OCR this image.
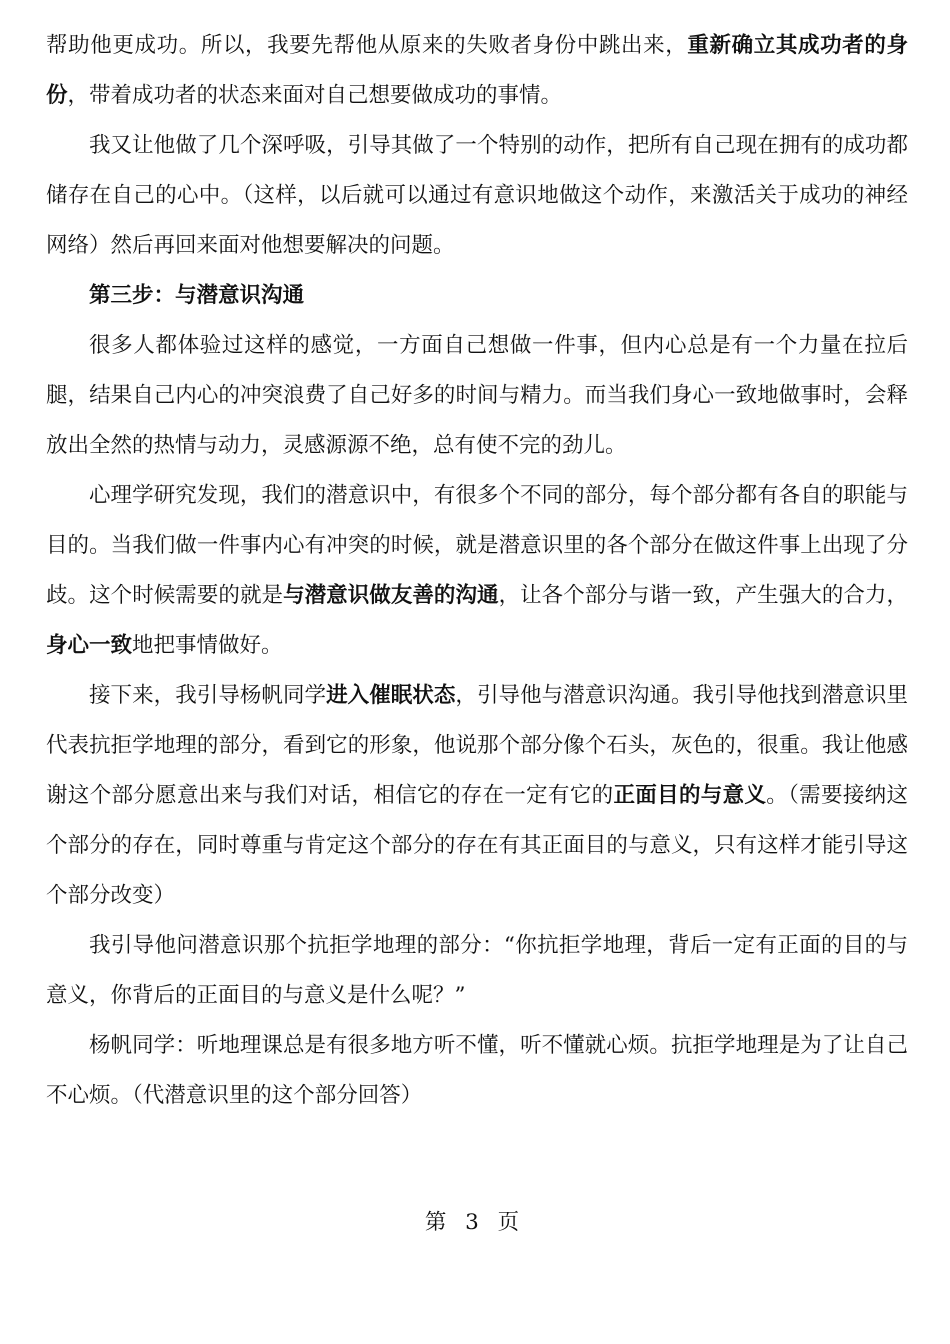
帮助他更成功。所以，我要先帮他从原来的失败者身份中跳出来，重新确立其成功者的身份，带着成功者的状态来面对自己想要做成功的事情。

我又让他做了几个深呼吸，引导其做了一个特别的动作，把所有自己现在拥有的成功都储存在自己的心中。（这样，以后就可以通过有意识地做这个动作，来激活关于成功的神经网络）然后再回来面对他想要解决的问题。

第三步：与潜意识沟通

很多人都体验过这样的感觉，一方面自己想做一件事，但内心总是有一个力量在拉后腿，结果自己内心的冲突浪费了自己好多的时间与精力。而当我们身心一致地做事时，会释放出全然的热情与动力，灵感源源不绝，总有使不完的劲儿。

心理学研究发现，我们的潜意识中，有很多个不同的部分，每个部分都有各自的职能与目的。当我们做一件事内心有冲突的时候，就是潜意识里的各个部分在做这件事上出现了分歧。这个时候需要的就是与潜意识做友善的沟通，让各个部分与谐一致，产生强大的合力，身心一致地把事情做好。

接下来，我引导杨帆同学进入催眠状态，引导他与潜意识沟通。我引导他找到潜意识里代表抗拒学地理的部分，看到它的形象，他说那个部分像个石头，灰色的，很重。我让他感谢这个部分愿意出来与我们对话，相信它的存在一定有它的正面目的与意义。（需要接纳这个部分的存在，同时尊重与肯定这个部分的存在有其正面目的与意义，只有这样才能引导这个部分改变）

我引导他问潜意识那个抗拒学地理的部分：“你抗拒学地理，背后一定有正面的目的与意义，你背后的正面目的与意义是什么呢？”

杨帆同学：听地理课总是有很多地方听不懂，听不懂就心烦。抗拒学地理是为了让自己不心烦。（代潜意识里的这个部分回答）

第 3 页
